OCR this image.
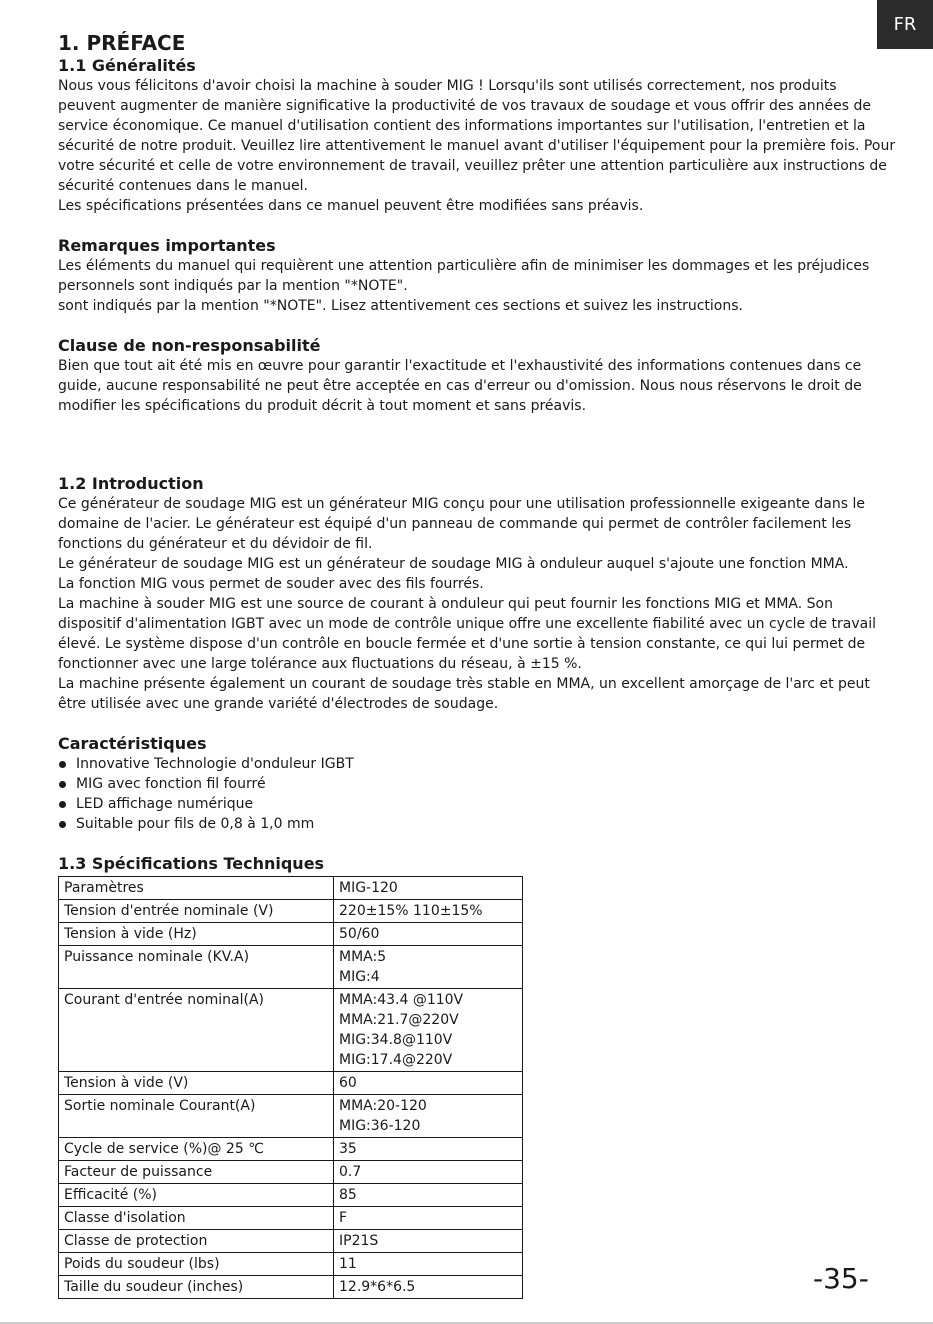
FR
1. PRÉFACE
1.1 Généralités

Nous vous félicitons d'avoir choisi la machine à souder MIG ! Lorsqu'ils sont utilisés correctement, nos produits peuvent augmenter de manière significative la productivité de vos travaux de soudage et vous offrir des années de service économique. Ce manuel d'utilisation contient des informations importantes sur l'utilisation, l'entretien et la sécurité de notre produit. Veuillez lire attentivement le manuel avant d'utiliser l'équipement pour la première fois. Pour votre sécurité et celle de votre environnement de travail, veuillez prêter une attention particulière aux instructions de sécurité contenues dans le manuel.

Les spécifications présentées dans ce manuel peuvent être modifiées sans préavis.

Remarques importantes

Les éléments du manuel qui requièrent une attention particulière afin de minimiser les dommages et les préjudices personnels sont indiqués par la mention "*NOTE".

sont indiqués par la mention "*NOTE". Lisez attentivement ces sections et suivez les instructions.

Clause de non-responsabilité

Bien que tout ait été mis en œuvre pour garantir l'exactitude et l'exhaustivité des informations contenues dans ce guide, aucune responsabilité ne peut être acceptée en cas d'erreur ou d'omission. Nous nous réservons le droit de modifier les spécifications du produit décrit à tout moment et sans préavis.

1.2 Introduction

Ce générateur de soudage MIG est un générateur MIG conçu pour une utilisation professionnelle exigeante dans le domaine de l'acier. Le générateur est équipé d'un panneau de commande qui permet de contrôler facilement les fonctions du générateur et du dévidoir de fil.

Le générateur de soudage MIG est un générateur de soudage MIG à onduleur auquel s'ajoute une fonction MMA.

La fonction MIG vous permet de souder avec des fils fourrés.

La machine à souder MIG est une source de courant à onduleur qui peut fournir les fonctions MIG et MMA. Son dispositif d'alimentation IGBT avec un mode de contrôle unique offre une excellente fiabilité avec un cycle de travail élevé. Le système dispose d'un contrôle en boucle fermée et d'une sortie à tension constante, ce qui lui permet de fonctionner avec une large tolérance aux fluctuations du réseau, à ±15 %.

La machine présente également un courant de soudage très stable en MMA, un excellent amorçage de l'arc et peut être utilisée avec une grande variété d'électrodes de soudage.

Caractéristiques
Innovative Technologie d'onduleur IGBT
MIG avec fonction fil fourré
LED affichage numérique
Suitable pour fils de 0,8 à 1,0 mm
1.3 Spécifications Techniques
Paramètres	MIG-120
Tension d'entrée nominale (V)	220±15% 110±15%
Tension à vide (Hz)	50/60
Puissance nominale (KV.A)	MMA:5
MIG:4
Courant d'entrée nominal(A)	MMA:43.4 @110V
MMA:21.7@220V
MIG:34.8@110V
MIG:17.4@220V
Tension à vide (V)	60
Sortie nominale Courant(A)	MMA:20-120
MIG:36-120
Cycle de service (%)@ 25 ℃	35
Facteur de puissance	0.7
Efficacité (%)	85
Classe d'isolation	F
Classe de protection	IP21S
Poids du soudeur (lbs)	11
Taille du soudeur (inches)	12.9*6*6.5	-35-
